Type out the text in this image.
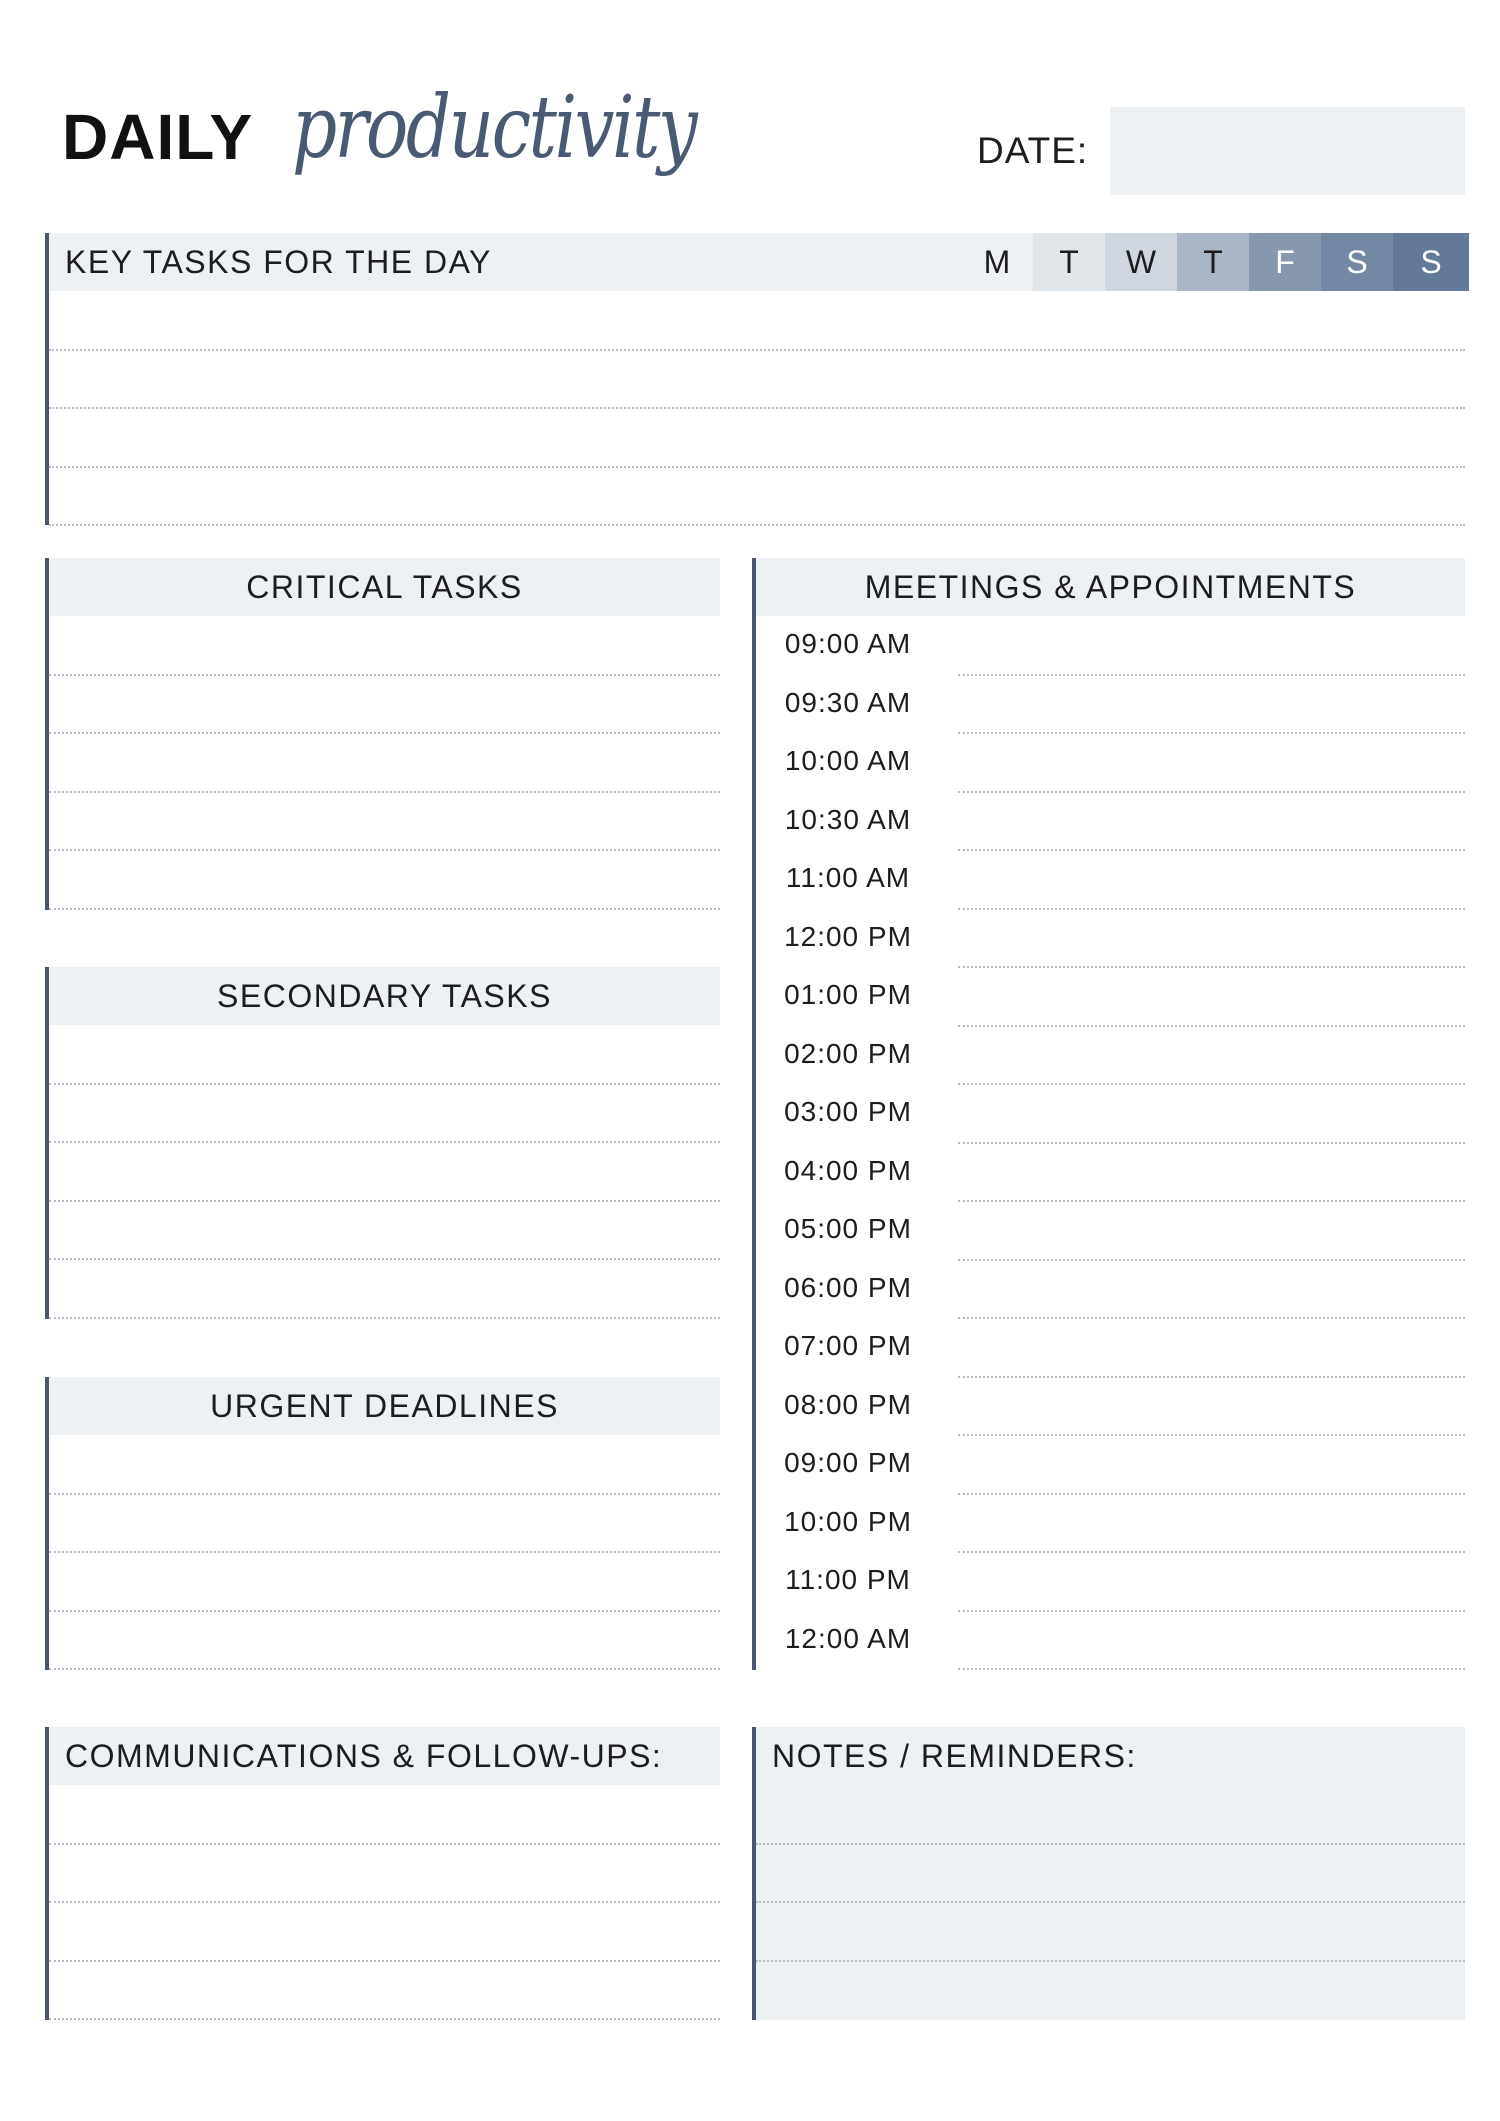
DAILY productivity	DATE:
KEY TASKS FOR THE DAY	M	T	W	T	F	S	S
CRITICAL TASKS
SECONDARY TASKS
URGENT DEADLINES
MEETINGS & APPOINTMENTS
09:00 AM
09:30 AM
10:00 AM
10:30 AM
11:00 AM
12:00 PM
01:00 PM
02:00 PM
03:00 PM
04:00 PM
05:00 PM
06:00 PM
07:00 PM
08:00 PM
09:00 PM
10:00 PM
11:00 PM
12:00 AM
COMMUNICATIONS & FOLLOW-UPS:	NOTES / REMINDERS:
